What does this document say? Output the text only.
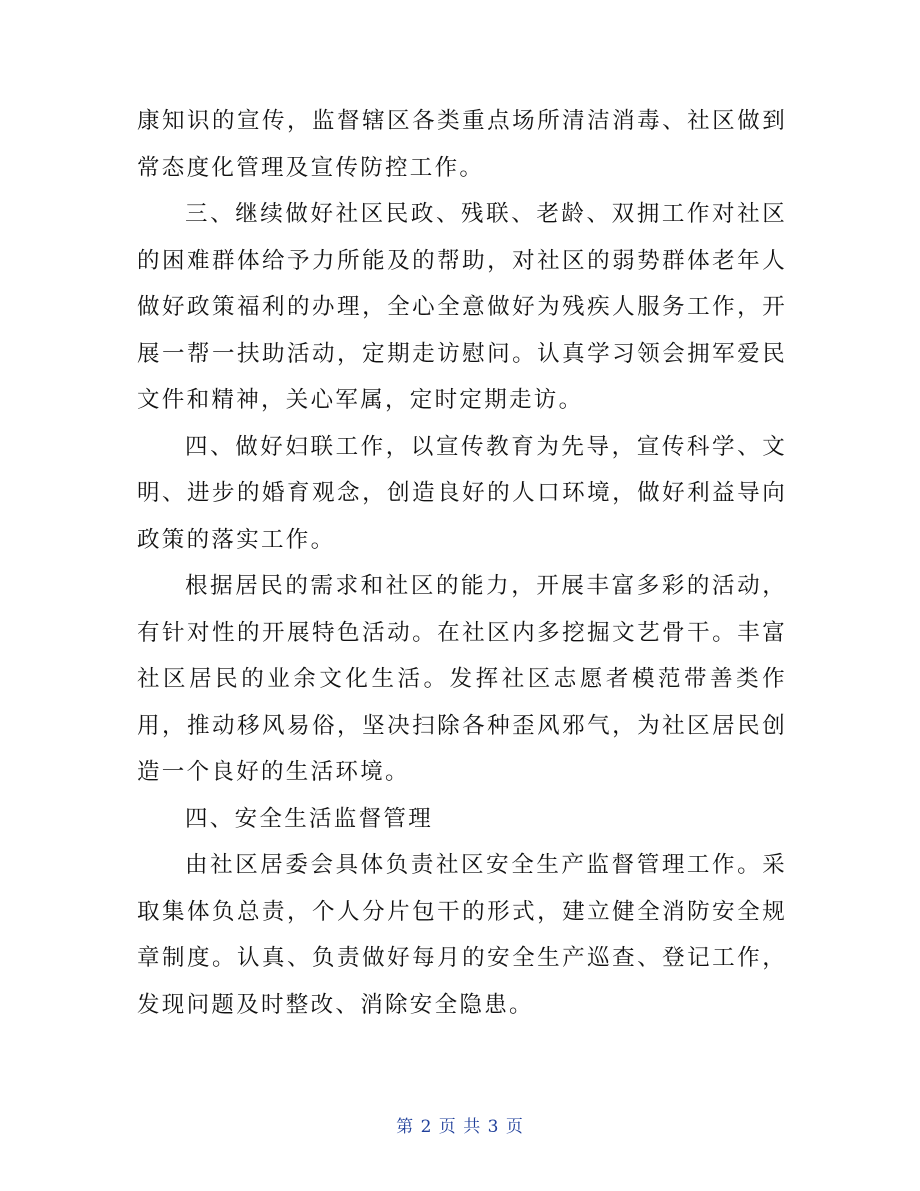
康知识的宣传，监督辖区各类重点场所清洁消毒、社区做到常态度化管理及宣传防控工作。

三、继续做好社区民政、残联、老龄、双拥工作对社区的困难群体给予力所能及的帮助，对社区的弱势群体老年人做好政策福利的办理，全心全意做好为残疾人服务工作，开展一帮一扶助活动，定期走访慰问。认真学习领会拥军爱民文件和精神，关心军属，定时定期走访。

四、做好妇联工作，以宣传教育为先导，宣传科学、文明、进步的婚育观念，创造良好的人口环境，做好利益导向政策的落实工作。

根据居民的需求和社区的能力，开展丰富多彩的活动，有针对性的开展特色活动。在社区内多挖掘文艺骨干。丰富社区居民的业余文化生活。发挥社区志愿者模范带善类作用，推动移风易俗，坚决扫除各种歪风邪气，为社区居民创造一个良好的生活环境。

四、安全生活监督管理

由社区居委会具体负责社区安全生产监督管理工作。采取集体负总责，个人分片包干的形式，建立健全消防安全规章制度。认真、负责做好每月的安全生产巡查、登记工作，发现问题及时整改、消除安全隐患。

第 2 页 共 3 页
